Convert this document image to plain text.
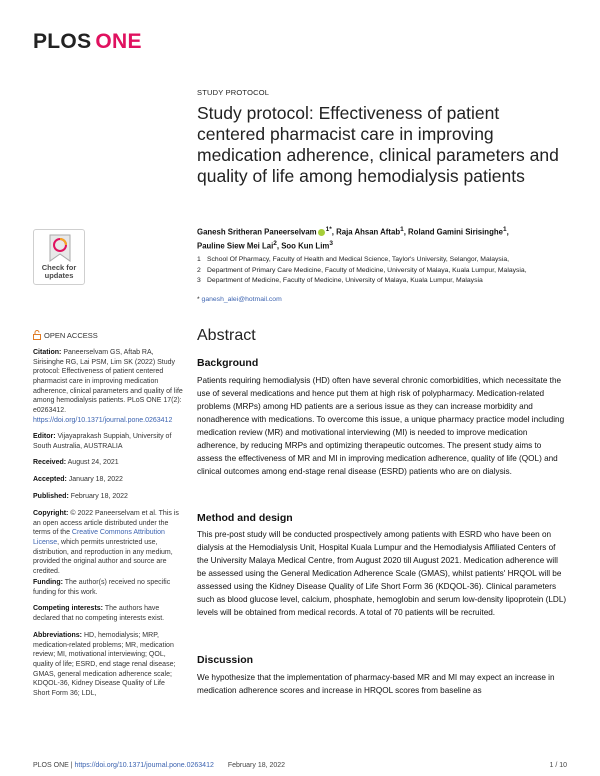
PLOS ONE
Check for
updates
OPEN ACCESS
Citation: Paneerselvam GS, Aftab RA, Sirisinghe RG, Lai PSM, Lim SK (2022) Study protocol: Effectiveness of patient centered pharmacist care in improving medication adherence, clinical parameters and quality of life among hemodialysis patients. PLoS ONE 17(2): e0263412. https://doi.org/10.1371/journal.pone.0263412
Editor: Vijayaprakash Suppiah, University of South Australia, AUSTRALIA
Received: August 24, 2021
Accepted: January 18, 2022
Published: February 18, 2022
Copyright: © 2022 Paneerselvam et al. This is an open access article distributed under the terms of the Creative Commons Attribution License, which permits unrestricted use, distribution, and reproduction in any medium, provided the original author and source are credited.
Funding: The author(s) received no specific funding for this work.
Competing interests: The authors have declared that no competing interests exist.
Abbreviations: HD, hemodialysis; MRP, medication-related problems; MR, medication review; MI, motivational interviewing; QOL, quality of life; ESRD, end stage renal disease; GMAS, general medication adherence scale; KDQOL-36, Kidney Disease Quality of Life Short Form 36; LDL,
STUDY PROTOCOL
Study protocol: Effectiveness of patient centered pharmacist care in improving medication adherence, clinical parameters and quality of life among hemodialysis patients
Ganesh Sritheran Paneerselvam $^{1*}$, Raja Ahsan Aftab$^1$, Roland Gamini Sirisinghe$^1$,
Pauline Siew Mei Lai$^2$, Soo Kun Lim$^3$
1 School Of Pharmacy, Faculty of Health and Medical Science, Taylor's University, Selangor, Malaysia,
2 Department of Primary Care Medicine, Faculty of Medicine, University of Malaya, Kuala Lumpur, Malaysia,
3 Department of Medicine, Faculty of Medicine, University of Malaya, Kuala Lumpur, Malaysia
* ganesh_alei@hotmail.com
Abstract
Background
Patients requiring hemodialysis (HD) often have several chronic comorbidities, which necessitate the use of several medications and hence put them at high risk of polypharmacy. Medication-related problems (MRPs) among HD patients are a serious issue as they can increase morbidity and nonadherence with medications. To overcome this issue, a unique pharmacy practice model including medication review (MR) and motivational interviewing (MI) is needed to improve medication adherence, by reducing MRPs and optimizing therapeutic outcomes. The present study aims to assess the effectiveness of MR and MI in improving medication adherence, quality of life (QOL) and clinical outcomes among end-stage renal disease (ESRD) patients who are on dialysis.
Method and design
This pre-post study will be conducted prospectively among patients with ESRD who have been on dialysis at the Hemodialysis Unit, Hospital Kuala Lumpur and the Hemodialysis Affiliated Centers of the University Malaya Medical Centre, from August 2020 till August 2021. Medication adherence will be assessed using the General Medication Adherence Scale (GMAS), whilst patients' HRQOL will be assessed using the Kidney Disease Quality of Life Short Form 36 (KDQOL-36). Clinical parameters such as blood glucose level, calcium, phosphate, hemoglobin and serum low-density lipoprotein (LDL) levels will be obtained from medical records. A total of 70 patients will be recruited.
Discussion
We hypothesize that the implementation of pharmacy-based MR and MI may expect an increase in medication adherence scores and increase in HRQOL scores from baseline as
PLOS ONE | https://doi.org/10.1371/journal.pone.0263412 February 18, 2022	1 / 10
